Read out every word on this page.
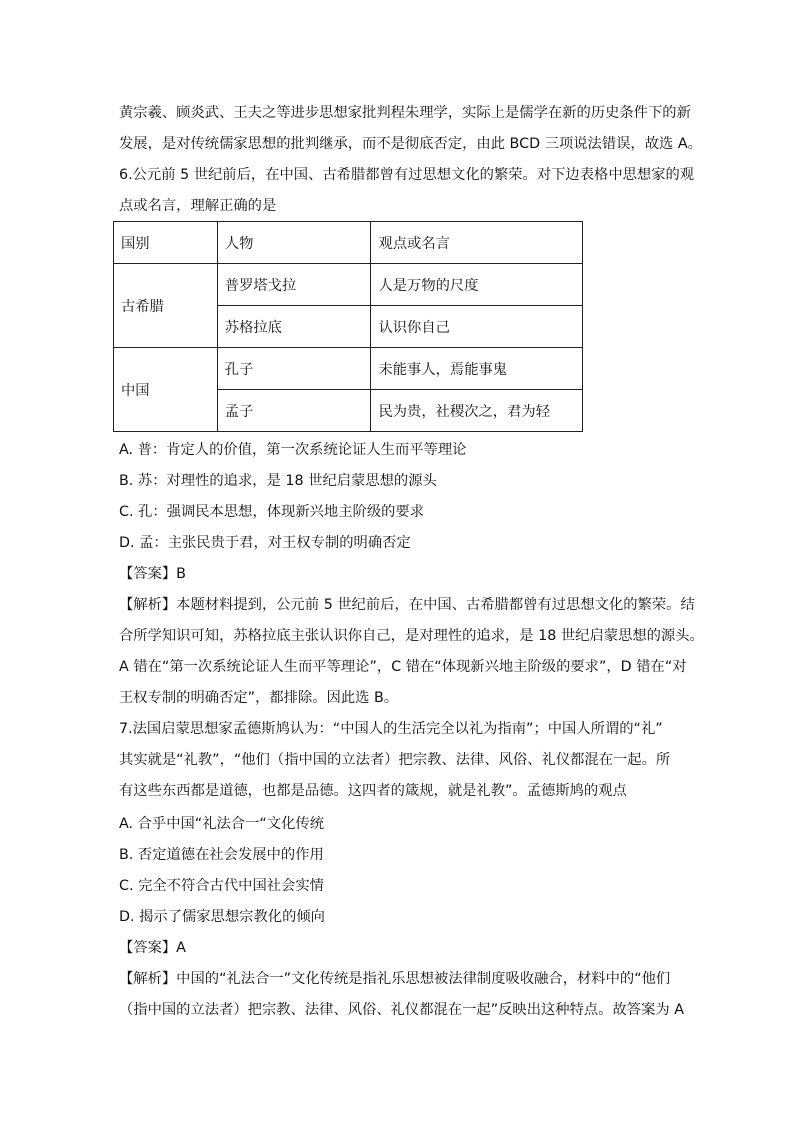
黄宗羲、顾炎武、王夫之等进步思想家批判程朱理学，实际上是儒学在新的历史条件下的新
发展，是对传统儒家思想的批判继承，而不是彻底否定，由此 BCD 三项说法错误，故选 A。
6.公元前 5 世纪前后，在中国、古希腊都曾有过思想文化的繁荣。对下边表格中思想家的观
点或名言，理解正确的是
国别	人物	观点或名言
古希腊	普罗塔戈拉	人是万物的尺度
	苏格拉底	认识你自己
中国	孔子	未能事人，焉能事鬼
	孟子	民为贵，社稷次之，君为轻
A. 普：肯定人的价值，第一次系统论证人生而平等理论
B. 苏：对理性的追求，是 18 世纪启蒙思想的源头
C. 孔：强调民本思想，体现新兴地主阶级的要求
D. 孟：主张民贵于君，对王权专制的明确否定
【答案】B
【解析】本题材料提到，公元前 5 世纪前后，在中国、古希腊都曾有过思想文化的繁荣。结
合所学知识可知，苏格拉底主张认识你自己，是对理性的追求，是 18 世纪启蒙思想的源头。
A 错在“第一次系统论证人生而平等理论”，C 错在“体现新兴地主阶级的要求”，D 错在“对
王权专制的明确否定”，都排除。因此选 B。
7.法国启蒙思想家孟德斯鸠认为：“中国人的生活完全以礼为指南”；中国人所谓的“礼”
其实就是“礼教”，“他们（指中国的立法者）把宗教、法律、风俗、礼仪都混在一起。所
有这些东西都是道德，也都是品德。这四者的箴规，就是礼教”。孟德斯鸠的观点
A. 合乎中国“礼法合一“文化传统
B. 否定道德在社会发展中的作用
C. 完全不符合古代中国社会实情
D. 揭示了儒家思想宗教化的倾向
【答案】A
【解析】中国的“礼法合一”文化传统是指礼乐思想被法律制度吸收融合，材料中的“他们
（指中国的立法者）把宗教、法律、风俗、礼仪都混在一起”反映出这种特点。故答案为 A
